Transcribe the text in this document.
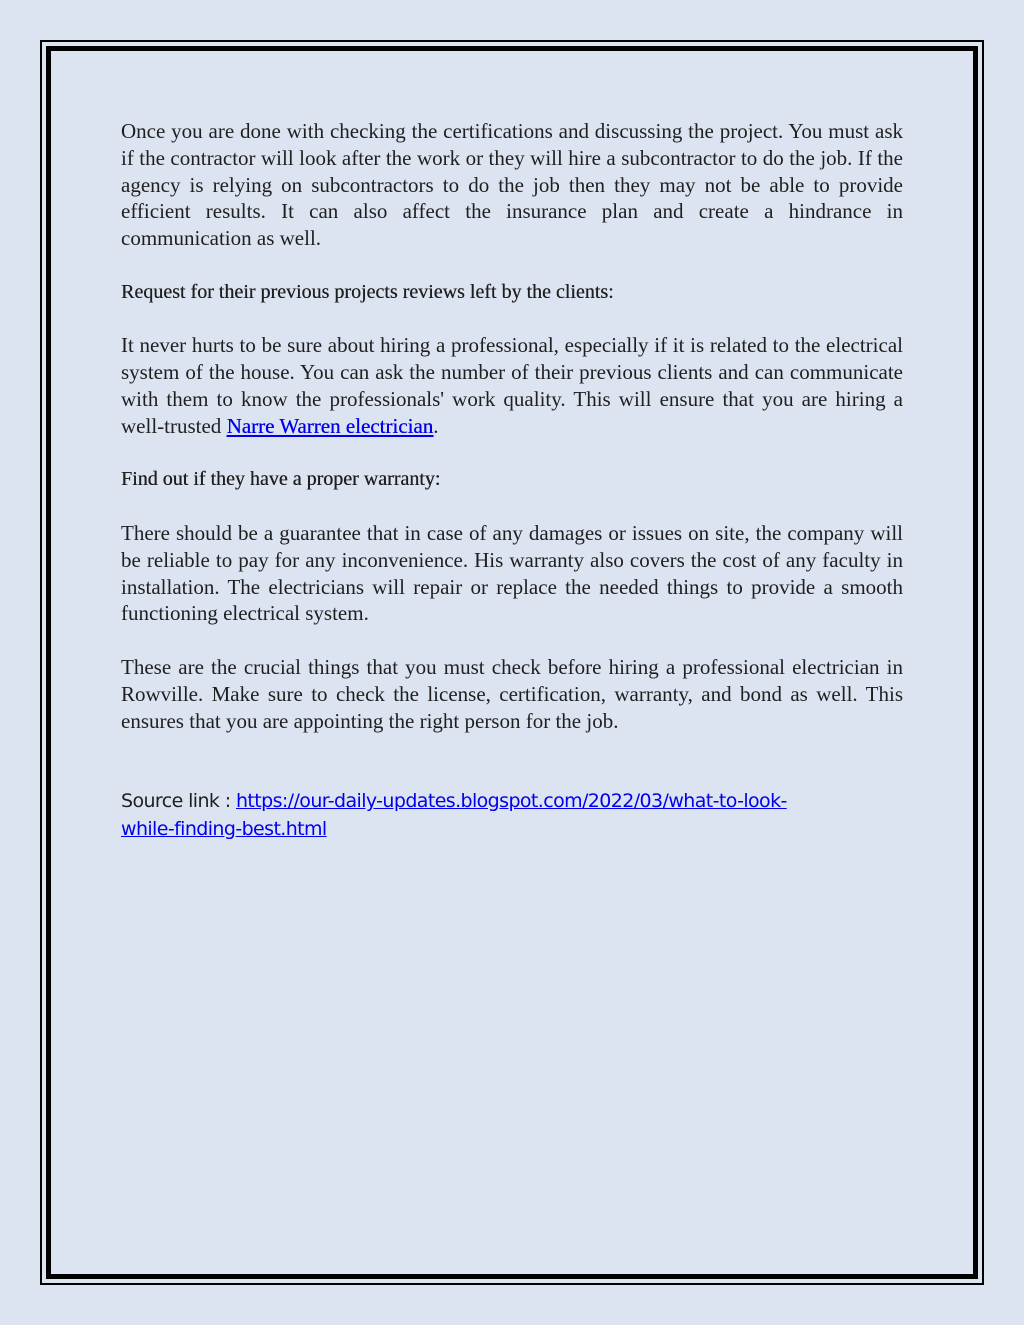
Once you are done with checking the certifications and discussing the project. You must ask if the contractor will look after the work or they will hire a subcontractor to do the job. If the agency is relying on subcontractors to do the job then they may not be able to provide efficient results. It can also affect the insurance plan and create a hindrance in communication as well.

Request for their previous projects reviews left by the clients:

It never hurts to be sure about hiring a professional, especially if it is related to the electrical system of the house. You can ask the number of their previous clients and can communicate with them to know the professionals' work quality. This will ensure that you are hiring a well-trusted Narre Warren electrician.

Find out if they have a proper warranty:

There should be a guarantee that in case of any damages or issues on site, the company will be reliable to pay for any inconvenience. His warranty also covers the cost of any faculty in installation. The electricians will repair or replace the needed things to provide a smooth functioning electrical system.

These are the crucial things that you must check before hiring a professional electrician in Rowville. Make sure to check the license, certification, warranty, and bond as well. This ensures that you are appointing the right person for the job.

Source link : https://our-daily-updates.blogspot.com/2022/03/what-to-look-
while-finding-best.html
